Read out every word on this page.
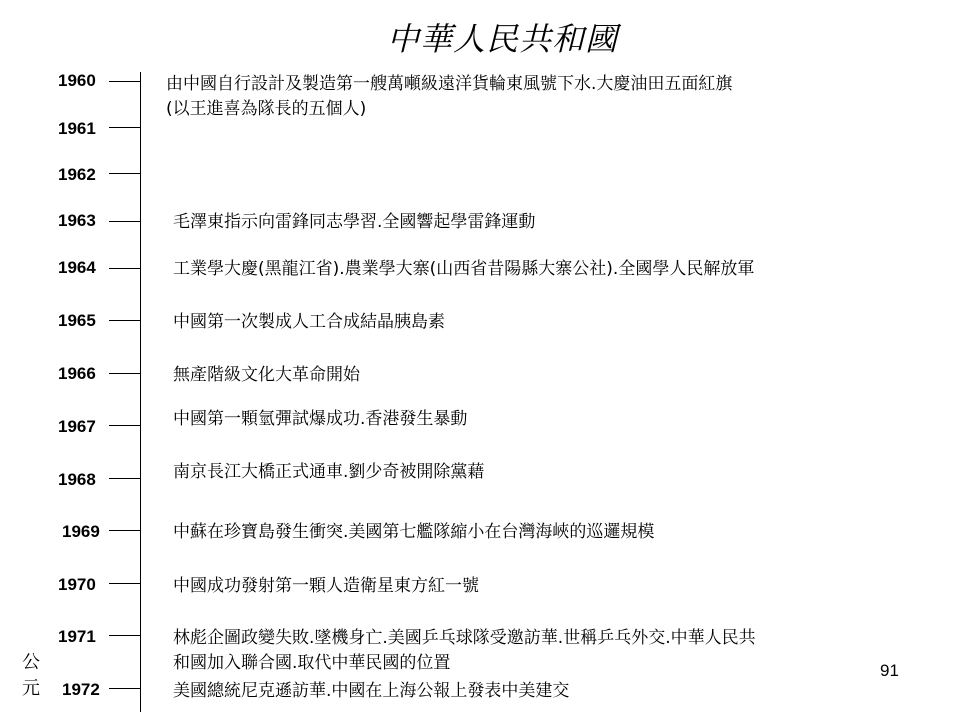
中華人民共和國
1960	由中國自行設計及製造第一艘萬噸級遠洋貨輪東風號下水.大慶油田五面紅旗
(以王進喜為隊長的五個人)
1961
1962
1963	毛澤東指示向雷鋒同志學習.全國響起學雷鋒運動
1964	工業學大慶(黑龍江省).農業學大寨(山西省昔陽縣大寨公社).全國學人民解放軍
1965	中國第一次製成人工合成結晶胰島素
1966	無產階級文化大革命開始
1967	中國第一顆氫彈試爆成功.香港發生暴動
1968	南京長江大橋正式通車.劉少奇被開除黨藉
1969	中蘇在珍寶島發生衝突.美國第七艦隊縮小在台灣海峽的巡邏規模
1970	中國成功發射第一顆人造衛星東方紅一號
1971	林彪企圖政變失敗.墜機身亡.美國乒乓球隊受邀訪華.世稱乒乓外交.中華人民共
和國加入聯合國.取代中華民國的位置
1972	美國總統尼克遜訪華.中國在上海公報上發表中美建交
公
元
91
